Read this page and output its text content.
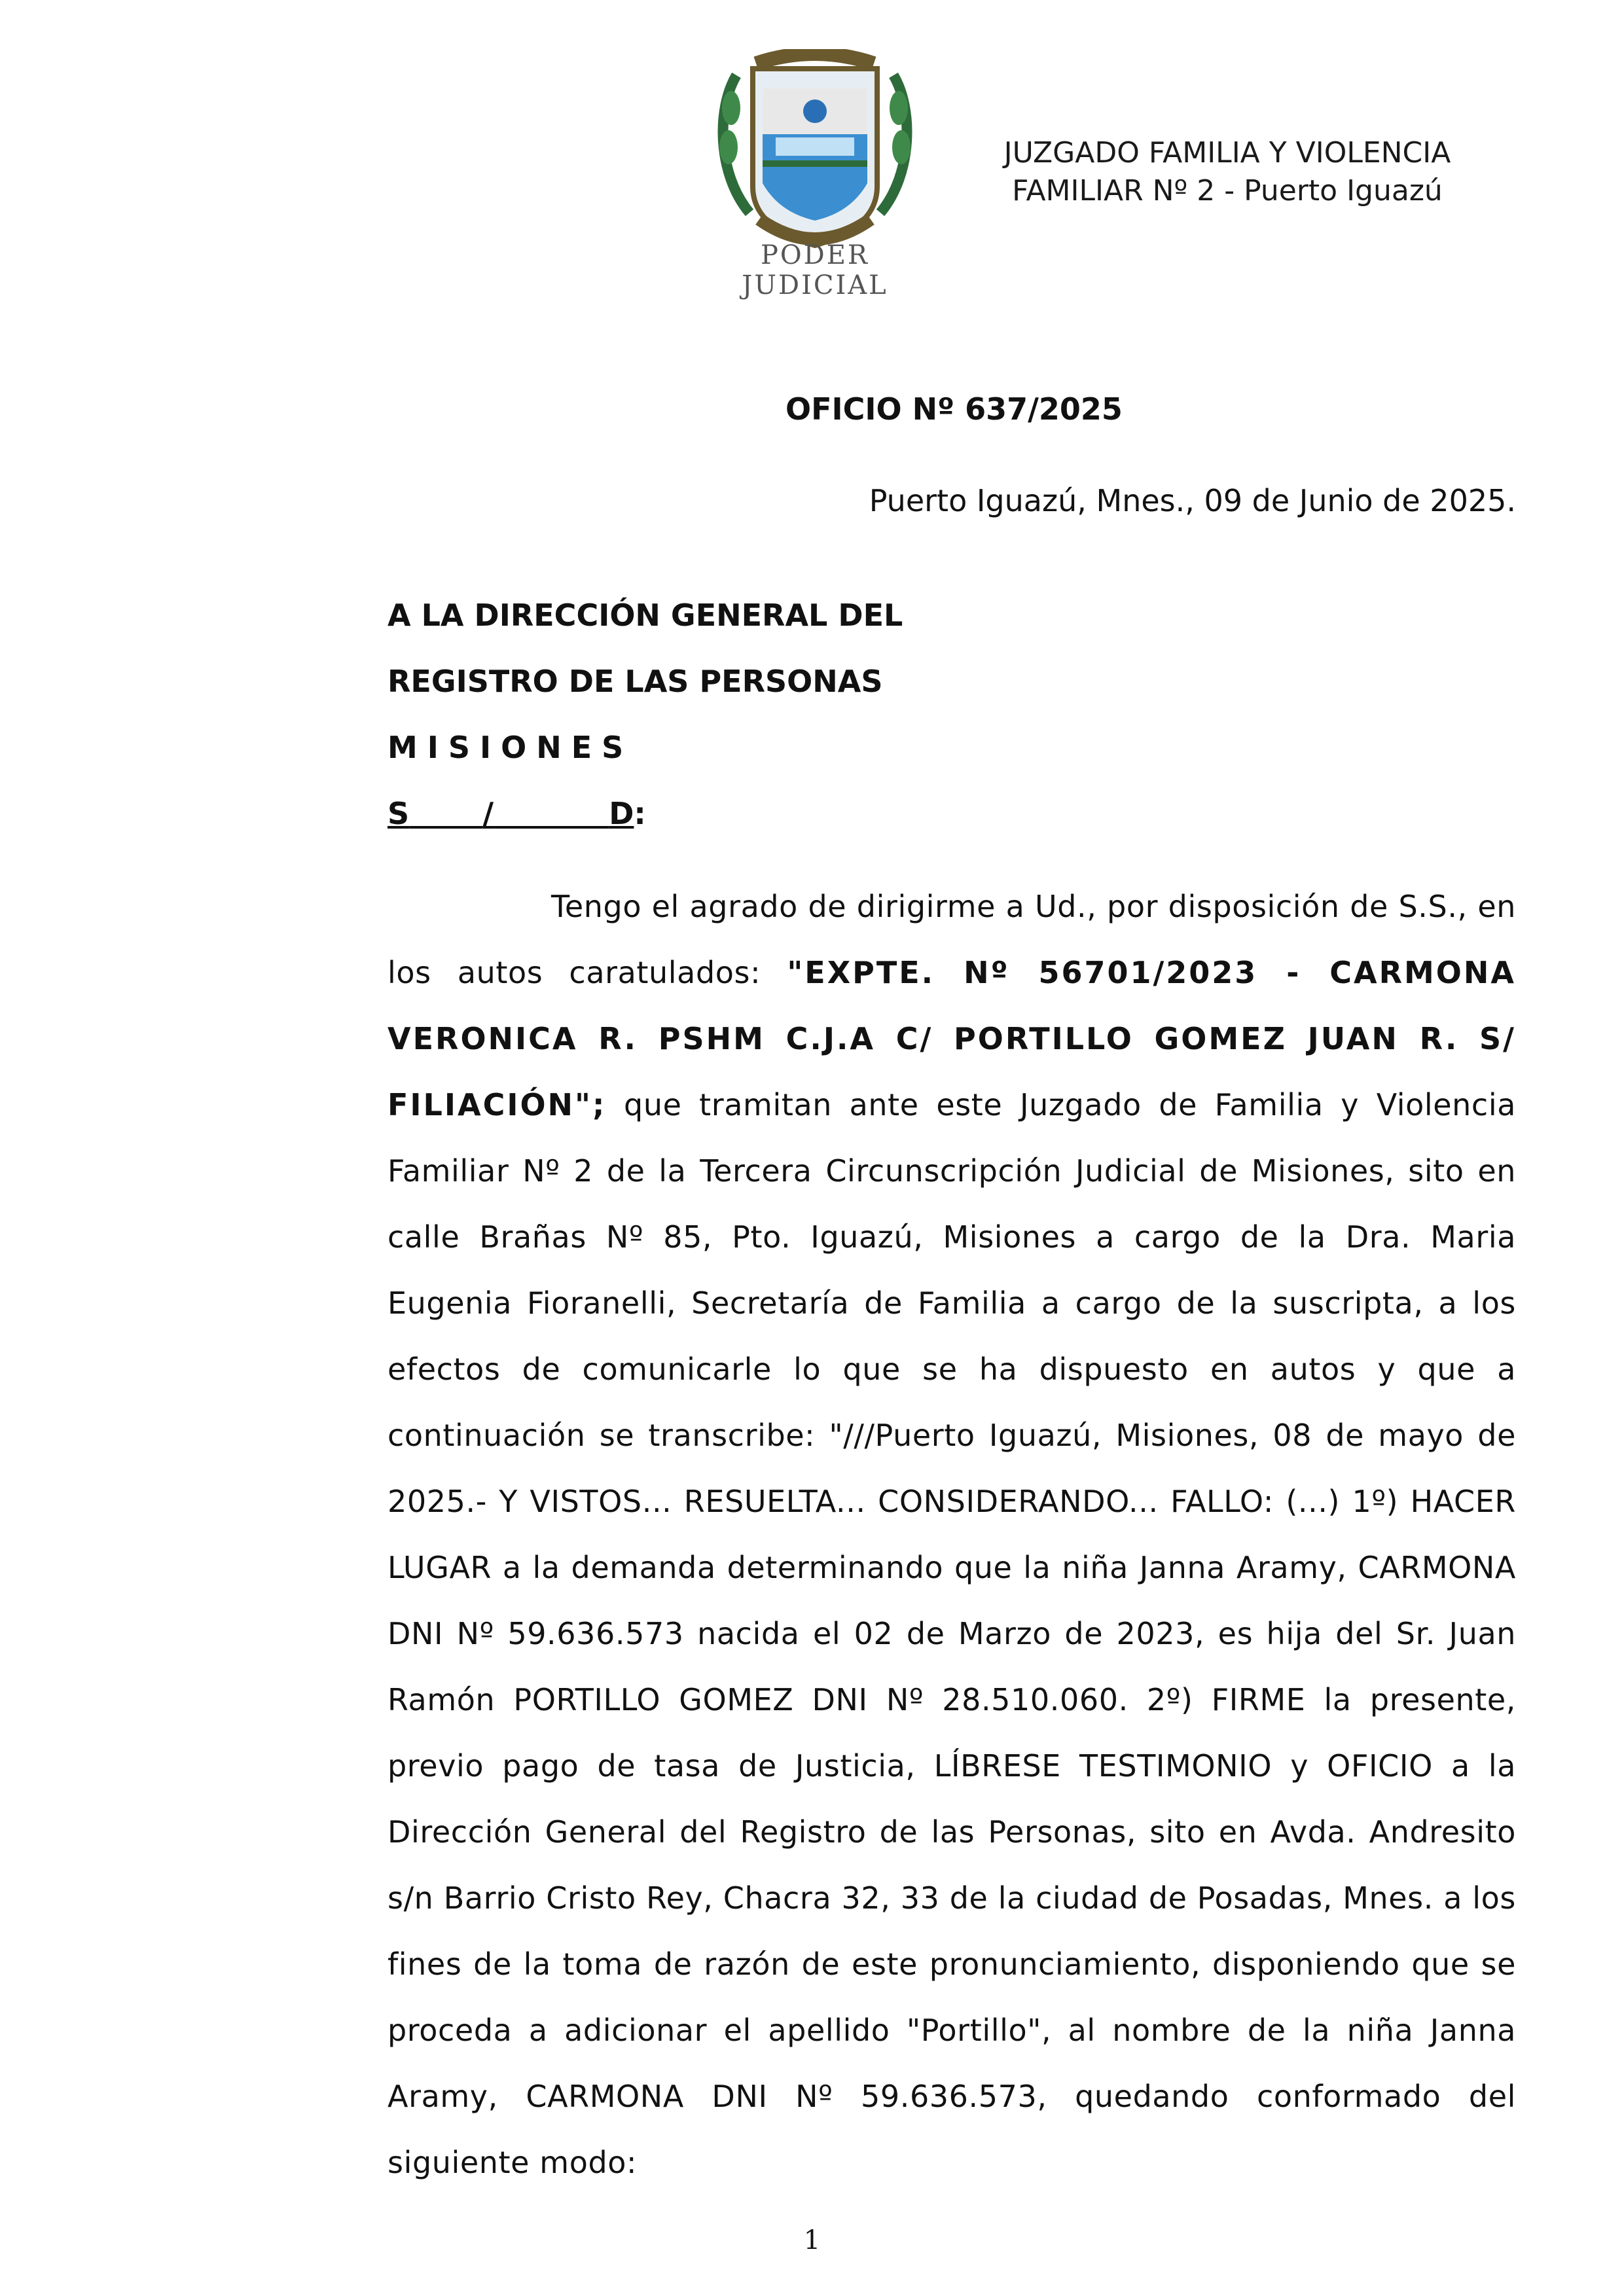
PODER JUDICIAL
JUZGADO FAMILIA Y VIOLENCIA
FAMILIAR Nº 2 - Puerto Iguazú
OFICIO Nº 637/2025
Puerto Iguazú, Mnes., 09 de Junio de 2025.
A LA DIRECCIÓN GENERAL DEL
REGISTRO DE LAS PERSONAS
MISIONES
S /	D:
Tengo el agrado de dirigirme a Ud., por disposición de S.S., en los autos caratulados: "EXPTE. Nº 56701/2023 - CARMONA VERONICA R. PSHM C.J.A C/ PORTILLO GOMEZ JUAN R. S/ FILIACIÓN"; que tramitan ante este Juzgado de Familia y Violencia Familiar Nº 2 de la Tercera Circunscripción Judicial de Misiones, sito en calle Brañas Nº 85, Pto. Iguazú, Misiones a cargo de la Dra. Maria Eugenia Fioranelli, Secretaría de Familia a cargo de la suscripta, a los efectos de comunicarle lo que se ha dispuesto en autos y que a continuación se transcribe: "///Puerto Iguazú, Misiones, 08 de mayo de 2025.- Y VISTOS... RESUELTA... CONSIDERANDO... FALLO: (...) 1º) HACER LUGAR a la demanda determinando que la niña Janna Aramy, CARMONA DNI Nº 59.636.573 nacida el 02 de Marzo de 2023, es hija del Sr. Juan Ramón PORTILLO GOMEZ DNI Nº 28.510.060. 2º) FIRME la presente, previo pago de tasa de Justicia, LÍBRESE TESTIMONIO y OFICIO a la Dirección General del Registro de las Personas, sito en Avda. Andresito s/n Barrio Cristo Rey, Chacra 32, 33 de la ciudad de Posadas, Mnes. a los fines de la toma de razón de este pronunciamiento, disponiendo que se proceda a adicionar el apellido "Portillo", al nombre de la niña Janna Aramy, CARMONA DNI Nº 59.636.573, quedando conformado del siguiente modo:
1
